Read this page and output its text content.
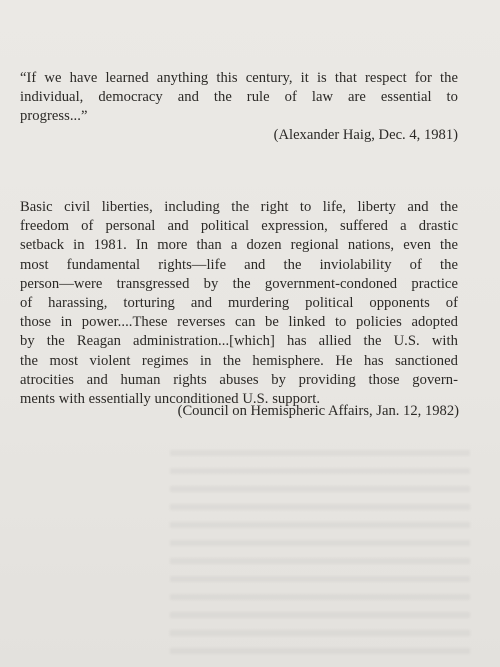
“If we have learned anything this century, it is that respect for the
individual, democracy and the rule of law are essential to
progress...”
(Alexander Haig, Dec. 4, 1981)
Basic civil liberties, including the right to life, liberty and the
freedom of personal and political expression, suffered a drastic
setback in 1981. In more than a dozen regional nations, even the
most fundamental rights—life and the inviolability of the
person—were transgressed by the government-condoned practice
of harassing, torturing and murdering political opponents of
those in power....These reverses can be linked to policies adopted
by the Reagan administration...[which] has allied the U.S. with
the most violent regimes in the hemisphere. He has sanctioned
atrocities and human rights abuses by providing those govern-
ments with essentially unconditioned U.S. support.
(Council on Hemispheric Affairs, Jan. 12, 1982)
